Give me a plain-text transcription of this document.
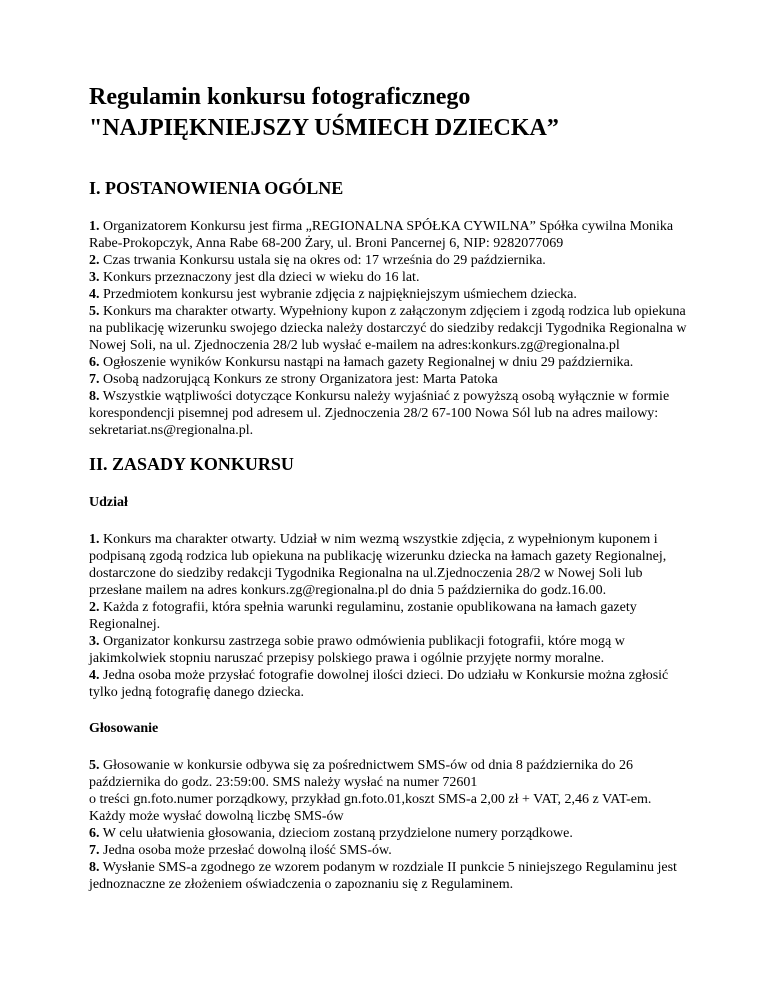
Regulamin konkursu fotograficznego
"NAJPIĘKNIEJSZY UŚMIECH DZIECKA”
I. POSTANOWIENIA OGÓLNE
1. Organizatorem Konkursu jest firma „REGIONALNA SPÓŁKA CYWILNA” Spółka cywilna Monika Rabe-Prokopczyk, Anna Rabe 68-200 Żary, ul. Broni Pancernej 6, NIP: 9282077069
2. Czas trwania Konkursu ustala się na okres od: 17 września do 29 października.
3. Konkurs przeznaczony jest dla dzieci w wieku do 16 lat.
4. Przedmiotem konkursu jest wybranie zdjęcia z najpiękniejszym uśmiechem dziecka.
5. Konkurs ma charakter otwarty. Wypełniony kupon z załączonym zdjęciem i zgodą rodzica lub opiekuna na publikację wizerunku swojego dziecka należy dostarczyć do siedziby redakcji Tygodnika Regionalna w Nowej Soli, na ul. Zjednoczenia 28/2 lub wysłać e-mailem na adres:konkurs.zg@regionalna.pl
6. Ogłoszenie wyników Konkursu nastąpi na łamach gazety Regionalnej w dniu 29 października.
7. Osobą nadzorującą Konkurs ze strony Organizatora jest: Marta Patoka
8. Wszystkie wątpliwości dotyczące Konkursu należy wyjaśniać z powyższą osobą wyłącznie w formie korespondencji pisemnej pod adresem ul. Zjednoczenia 28/2 67-100 Nowa Sól lub na adres mailowy: sekretariat.ns@regionalna.pl.
II. ZASADY KONKURSU
Udział
1. Konkurs ma charakter otwarty. Udział w nim wezmą wszystkie zdjęcia, z wypełnionym kuponem i podpisaną zgodą rodzica lub opiekuna na publikację wizerunku dziecka na łamach gazety Regionalnej, dostarczone do siedziby redakcji Tygodnika Regionalna na ul.Zjednoczenia 28/2 w Nowej Soli lub przesłane mailem na adres konkurs.zg@regionalna.pl do dnia 5 października do godz.16.00.
2. Każda z fotografii, która spełnia warunki regulaminu, zostanie opublikowana na łamach gazety Regionalnej.
3. Organizator konkursu zastrzega sobie prawo odmówienia publikacji fotografii, które mogą w jakimkolwiek stopniu naruszać przepisy polskiego prawa i ogólnie przyjęte normy moralne.
4. Jedna osoba może przysłać fotografie dowolnej ilości dzieci. Do udziału w Konkursie można zgłosić tylko jedną fotografię danego dziecka.
Głosowanie
5. Głosowanie w konkursie odbywa się za pośrednictwem SMS-ów od dnia 8 października do 26 października do godz. 23:59:00. SMS należy wysłać na numer 72601
o treści gn.foto.numer porządkowy, przykład gn.foto.01,koszt SMS-a 2,00 zł + VAT, 2,46 z VAT-em.
Każdy może wysłać dowolną liczbę SMS-ów
6. W celu ułatwienia głosowania, dzieciom zostaną przydzielone numery porządkowe.
7. Jedna osoba może przesłać dowolną ilość SMS-ów.
8. Wysłanie SMS-a zgodnego ze wzorem podanym w rozdziale II punkcie 5 niniejszego Regulaminu jest jednoznaczne ze złożeniem oświadczenia o zapoznaniu się z Regulaminem.
